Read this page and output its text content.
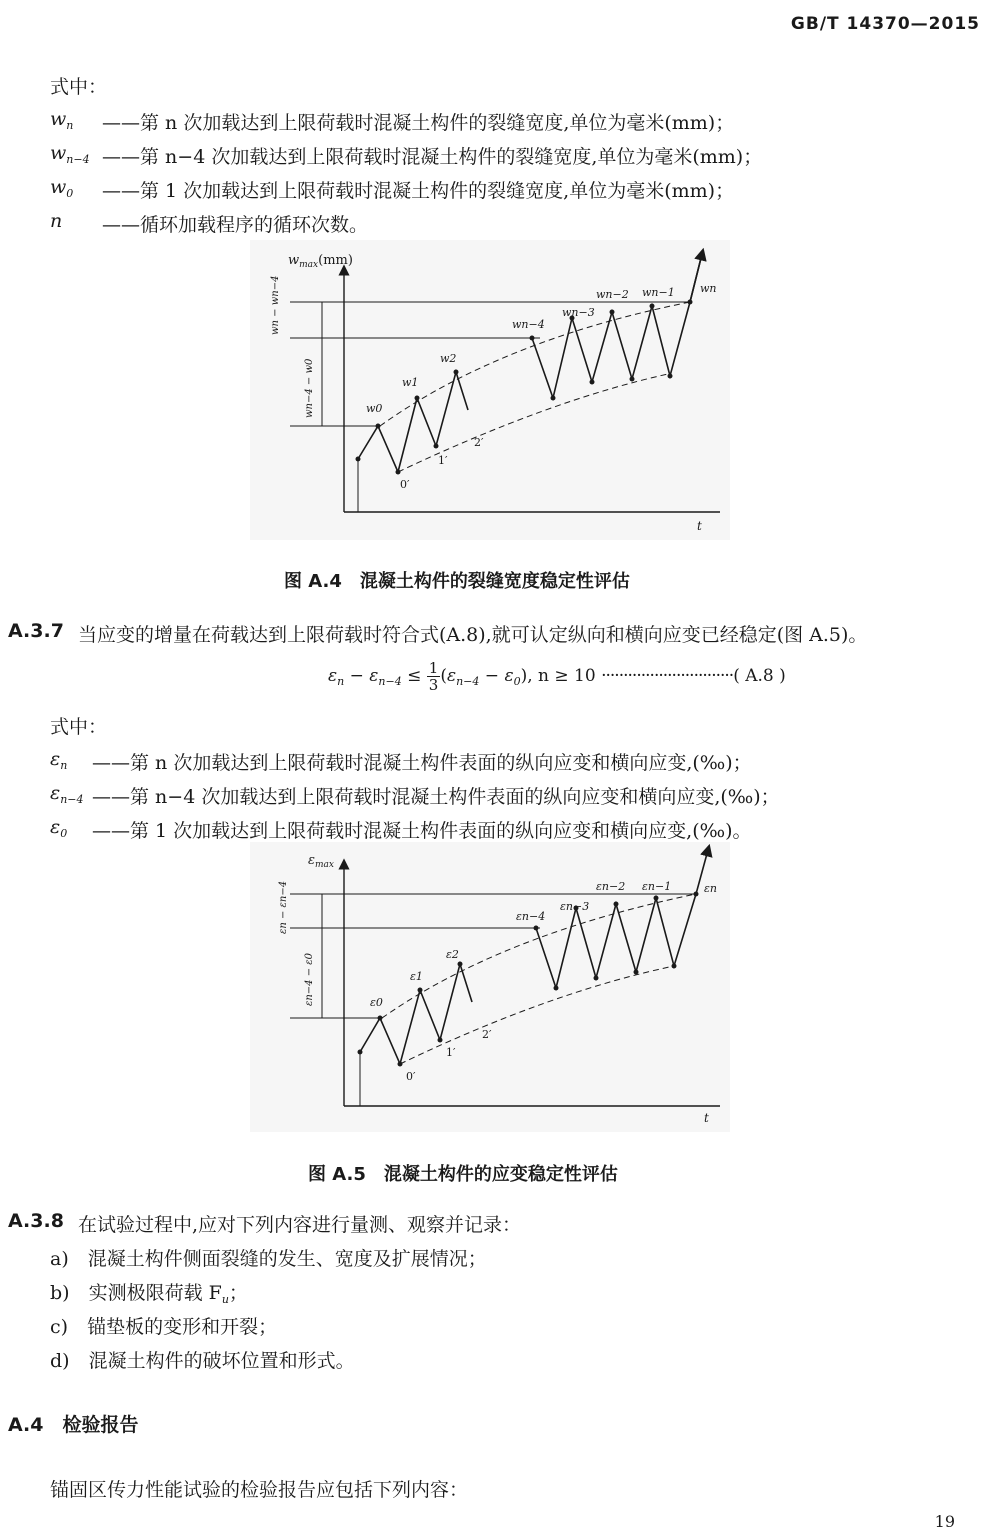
GB/T 14370—2015
式中：
$w_n$ ——第 n 次加载达到上限荷载时混凝土构件的裂缝宽度,单位为毫米(mm)；
$w_{n-4}$ ——第 n−4 次加载达到上限荷载时混凝土构件的裂缝宽度,单位为毫米(mm)；
$w_0$ ——第 1 次加载达到上限荷载时混凝土构件的裂缝宽度,单位为毫米(mm)；
n ——循环加载程序的循环次数。
$w_{max}(mm)$
t
wn − wn−4
wn−4 − w0	w0
w1
w2
wn−4
wn−3
wn−2 wn−1 wn
0′
1′
2′
图 A.4　混凝土构件的裂缝宽度稳定性评估
A.3.7 当应变的增量在荷载达到上限荷载时符合式(A.8),就可认定纵向和横向应变已经稳定(图 A.5)。
$\varepsilon_n - \varepsilon_{n-4} \le \frac{1}{3} (\varepsilon_{n-4} - \varepsilon_0)$, n ≥ 10 ······························( A.8 )
式中：
$\varepsilon_n$ ——第 n 次加载达到上限荷载时混凝土构件表面的纵向应变和横向应变,(‰)；
$\varepsilon_{n-4}$ ——第 n−4 次加载达到上限荷载时混凝土构件表面的纵向应变和横向应变,(‰)；
$\varepsilon_0$ ——第 1 次加载达到上限荷载时混凝土构件表面的纵向应变和横向应变,(‰)。
$\varepsilon_{max}$
t
εn − εn−4
εn−4 − ε0	ε0
ε1
ε2
εn−4
εn−3
εn−2 εn−1	εn
0′
1′
2′
图 A.5　混凝土构件的应变稳定性评估
A.3.8 在试验过程中,应对下列内容进行量测、观察并记录：
a)　 混凝土构件侧面裂缝的发生、宽度及扩展情况；
b)　 实测极限荷载 $F_u$；
c)　 锚垫板的变形和开裂；
d)　 混凝土构件的破坏位置和形式。
A.4　 检验报告
锚固区传力性能试验的检验报告应包括下列内容：
19
